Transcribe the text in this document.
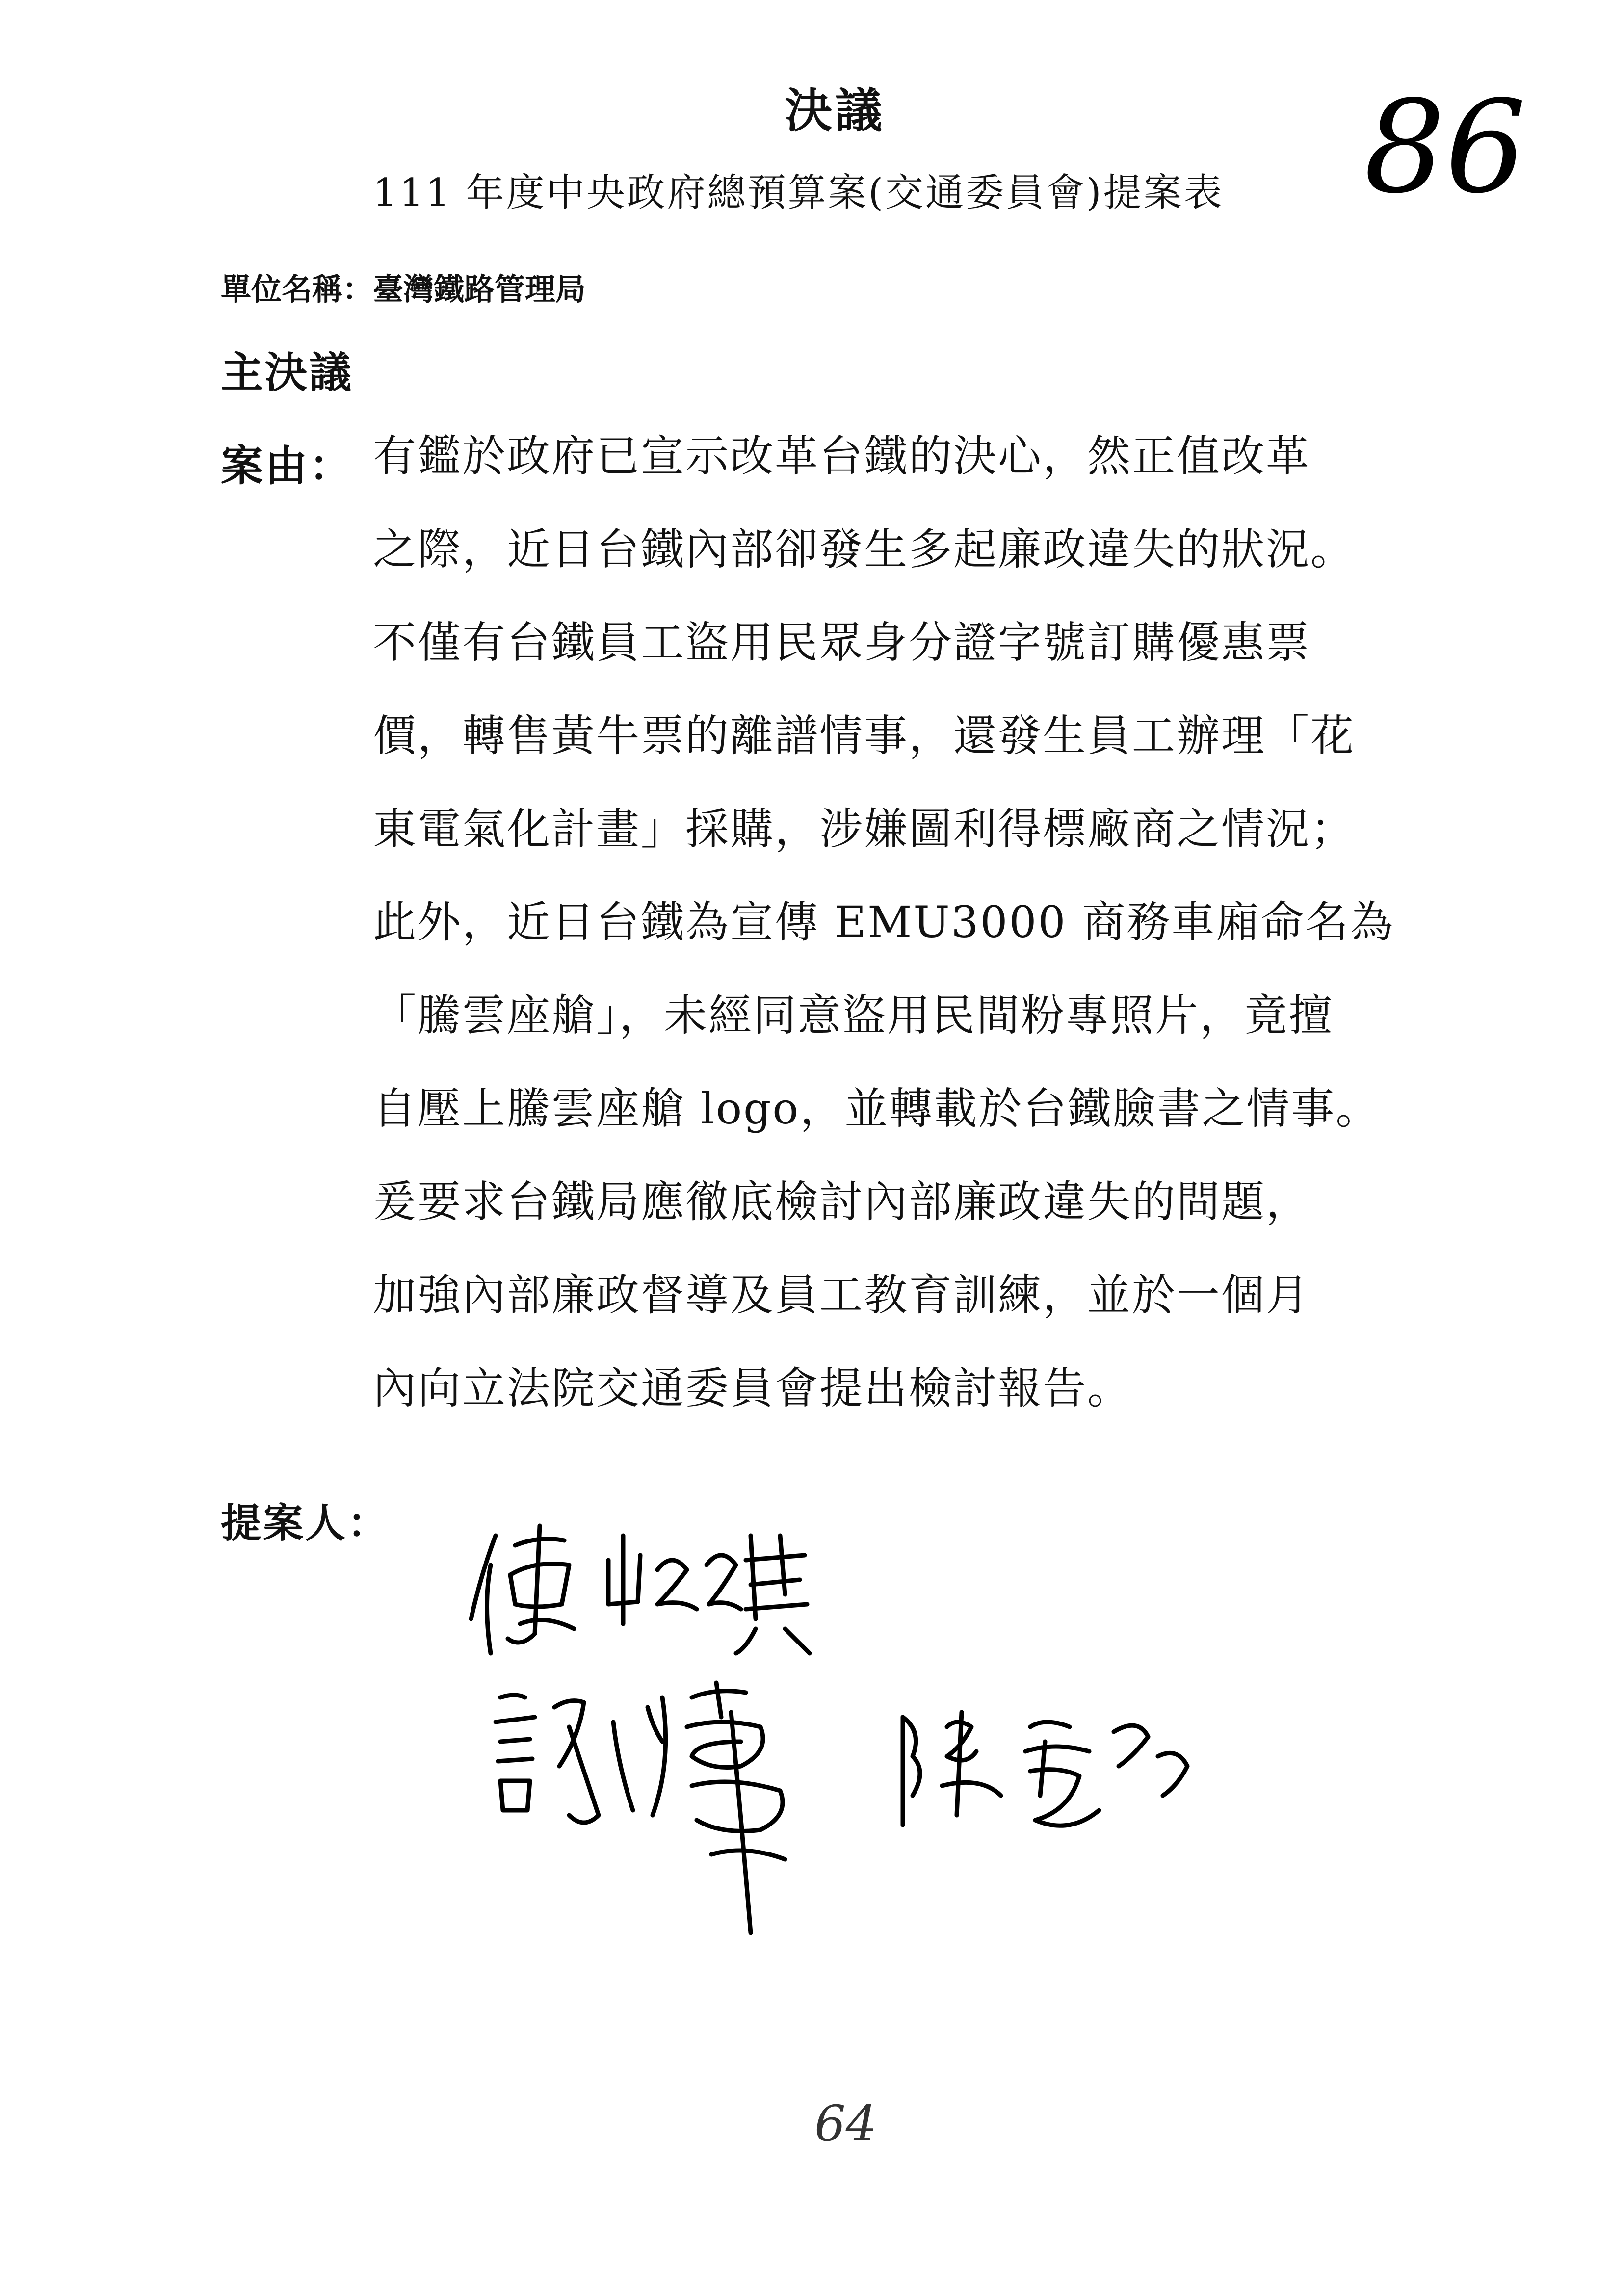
決議
111 年度中央政府總預算案(交通委員會)提案表	86
單位名稱：臺灣鐵路管理局
主決議
案由： 有鑑於政府已宣示改革台鐵的決心，然正值改革
之際，近日台鐵內部卻發生多起廉政違失的狀況。
不僅有台鐵員工盜用民眾身分證字號訂購優惠票
價，轉售黃牛票的離譜情事，還發生員工辦理「花
東電氣化計畫」採購，涉嫌圖利得標廠商之情況；
此外，近日台鐵為宣傳 EMU3000 商務車廂命名為
「騰雲座艙」，未經同意盜用民間粉專照片，竟擅
自壓上騰雲座艙 logo，並轉載於台鐵臉書之情事。
爰要求台鐵局應徹底檢討內部廉政違失的問題，
加強內部廉政督導及員工教育訓練，並於一個月
內向立法院交通委員會提出檢討報告。
提案人：
64
